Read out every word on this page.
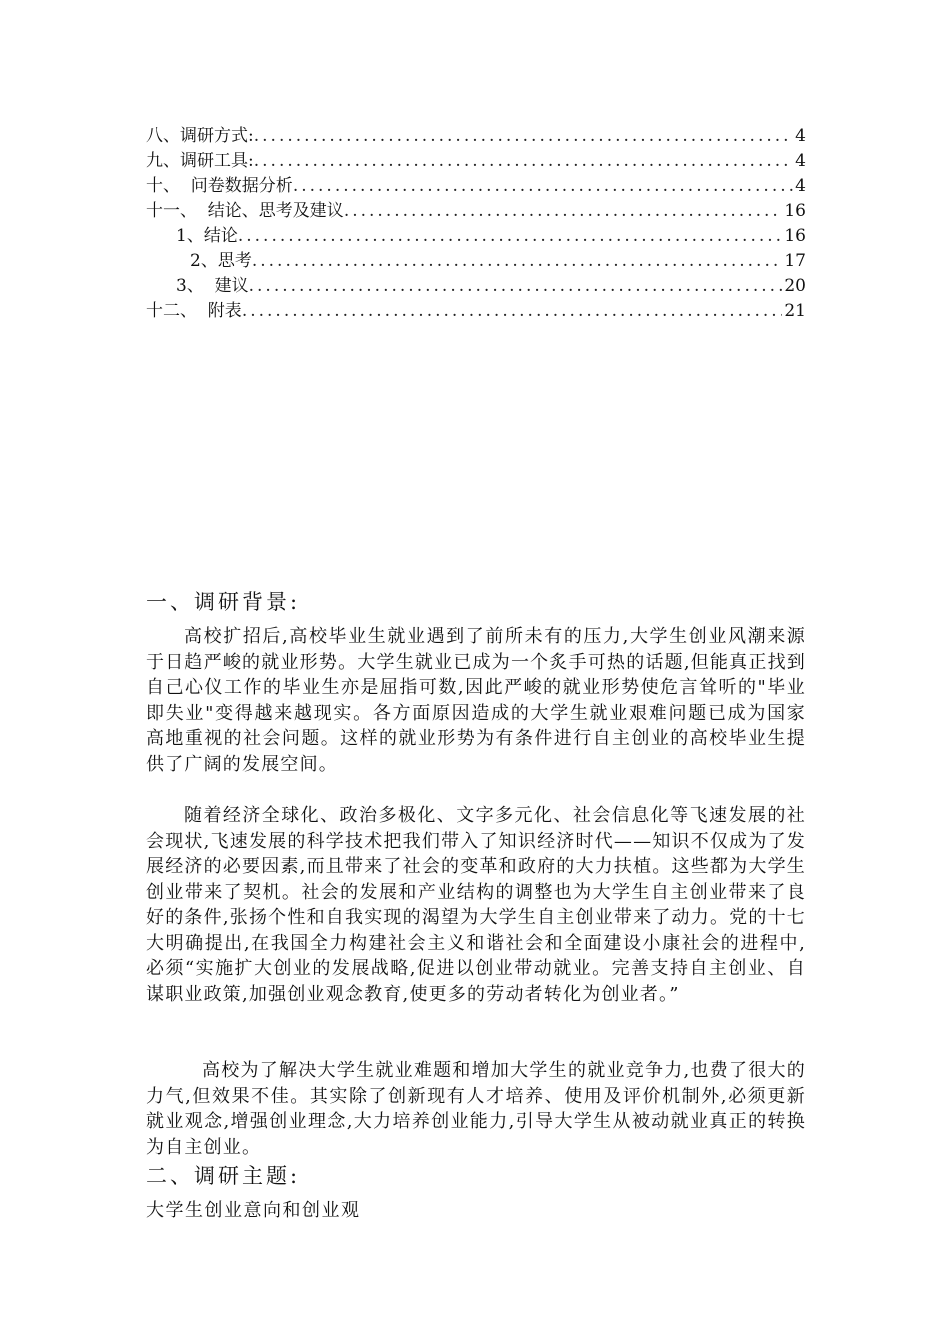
八、调研方式: .....	4
九、调研工具: .....	4
十、  问卷数据分析 .....	4
十一、  结论、思考及建议 .....	16
1、结论 .....	16
2、思考 .....	17
3、  建议 .....	20
十二、  附表 .....	21
一、调研背景:
高校扩招后,高校毕业生就业遇到了前所未有的压力,大学生创业风潮来源于日趋严峻的就业形势。大学生就业已成为一个炙手可热的话题,但能真正找到自己心仪工作的毕业生亦是屈指可数,因此严峻的就业形势使危言耸听的"毕业即失业"变得越来越现实。各方面原因造成的大学生就业艰难问题已成为国家高地重视的社会问题。这样的就业形势为有条件进行自主创业的高校毕业生提供了广阔的发展空间。
随着经济全球化、政治多极化、文字多元化、社会信息化等飞速发展的社会现状,飞速发展的科学技术把我们带入了知识经济时代——知识不仅成为了发展经济的必要因素,而且带来了社会的变革和政府的大力扶植。这些都为大学生创业带来了契机。社会的发展和产业结构的调整也为大学生自主创业带来了良好的条件,张扬个性和自我实现的渴望为大学生自主创业带来了动力。党的十七大明确提出,在我国全力构建社会主义和谐社会和全面建设小康社会的进程中,必须“实施扩大创业的发展战略,促进以创业带动就业。完善支持自主创业、自谋职业政策,加强创业观念教育,使更多的劳动者转化为创业者。”
高校为了解决大学生就业难题和增加大学生的就业竞争力,也费了很大的力气,但效果不佳。其实除了创新现有人才培养、使用及评价机制外,必须更新就业观念,增强创业理念,大力培养创业能力,引导大学生从被动就业真正的转换为自主创业。
二、调研主题:
大学生创业意向和创业观
